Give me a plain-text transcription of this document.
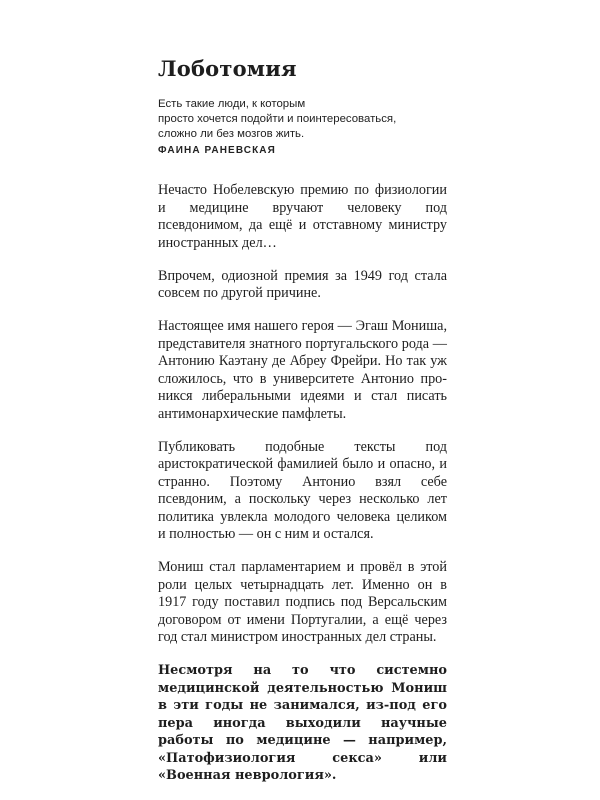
Лоботомия
Есть такие люди, к которым
просто хочется подойти и поинтересоваться,
сложно ли без мозгов жить.
ФАИНА РАНЕВСКАЯ

Нечасто Нобелевскую премию по физиологии и медицине вручают человеку под псевдонимом, да ещё и отставному министру иностранных дел…

Впрочем, одиозной премия за 1949 год стала совсем по другой причине.

Настоящее имя нашего героя — Эгаш Мониша, представителя знатного португальского рода — Антонию Каэтану де Абреу Фрейри. Но так уж сложилось, что в университете Антонио проникся либеральными идеями и стал писать антимонархические памфлеты.

Публиковать подобные тексты под аристократической фамилией было и опасно, и странно. Поэтому Антонио взял себе псевдоним, а поскольку через несколько лет политика увлекла молодого человека целиком и полностью — он с ним и остался.

Мониш стал парламентарием и провёл в этой роли целых четырнадцать лет. Именно он в 1917 году поставил подпись под Версальским договором от имени Португалии, а ещё через год стал министром иностранных дел страны.

Несмотря на то что системно медицинской деятельностью Мониш в эти годы не занимался, из-под его пера иногда выходили научные работы по медицине — например, «Патофизиология секса» или «Военная неврология».
